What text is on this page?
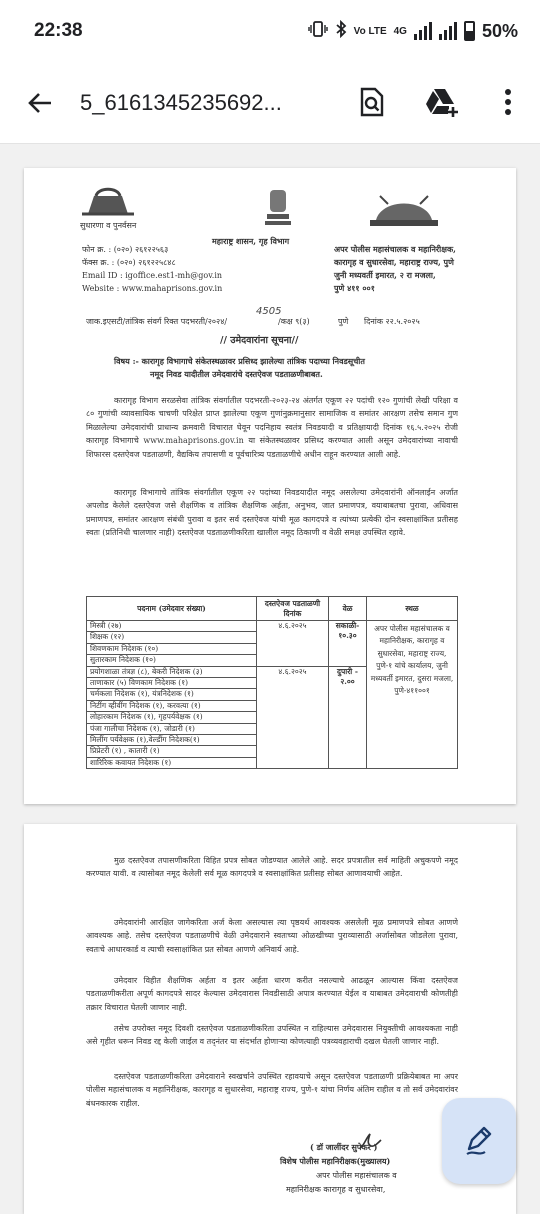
22:38	Vo LTE 4G	50%
5_6161345235692...
सुधारणा व पुनर्वसन
महाराष्ट्र शासन, गृह विभाग
फोन क्र. : (०२०) २६१२२५६३
फॅक्स क्र. : (०२०) २६१२२५८४८
Email ID : igoffice.est1-mh@gov.in
Website : www.mahaprisons.gov.in
अपर पोलीस महासंचालक व महानिरीक्षक,
कारागृह व सुधारसेवा, महाराष्ट्र राज्य, पुणे
जुनी मध्यवर्ती इमारत, २ रा मजला,
पुणे ४११ ००१
जाक.इएसटी/तांत्रिक संवर्ग रिक्त पदभरती/२०२४/
4505
/कक्ष ९(३)	पुणे दिनांक २२.५.२०२५
// उमेदवारांना सूचना//
विषय :- कारागृह विभागाचे संकेतस्थळावर प्रसिध्द झालेल्या तांत्रिक पदाच्या निवडसूचीत
नमूद निवड यादीतील उमेदवारांचे दस्तऐवज पडताळणीबाबत.
कारागृह विभाग सरळसेवा तांत्रिक संवर्गातील पदभरती-२०२३-२४ अंतर्गत एकूण २२ पदांची १२० गुणांची लेखी परिक्षा व ८० गुणांची व्यावसायिक चाचणी परिक्षेत प्राप्त झालेल्या एकूण गुणांनुक्रमानुसार सामाजिक व समांतर आरक्षण तसेच समान गुण मिळालेल्या उमेदवारांची प्राधान्य क्रमवारी विचारात घेवून पदनिहाय स्वतंत्र निवडयादी व प्रतिक्षायादी दिनांक १६.५.२०२५ रोजी कारागृह विभागाचे www.mahaprisons.gov.in या संकेतस्थळावर प्रसिध्द करण्यात आली असून उमेदवारांच्या नावाची शिफारस दस्तऐवज पडताळणी, वैद्यकिय तपासणी व पूर्वचारित्र्य पडताळणीचे अधीन राहून करण्यात आली आहे.
कारागृह विभागाचे तांत्रिक संवर्गातील एकूण २२ पदांच्या निवडयादीत नमूद असलेल्या उमेदवारांनी ऑनलाईन अर्जात अपलोड केलेले दस्तऐवज जसे शैक्षणिक व तांत्रिक शैक्षणिक अर्हता, अनुभव, जात प्रमाणपत्र, वयाबाबतचा पुरावा, अधिवास प्रमाणपत्र, समांतर आरक्षण संबंधी पुरावा व इतर सर्व दस्तऐवज यांची मूळ कागदपत्रे व त्यांच्या प्रत्येकी दोन स्वसाक्षांकित प्रतीसह स्वतः (प्रतिनिधी चालणार नाही) दस्तऐवज पडताळणीकरिता खालील नमूद ठिकाणी व वेळी समक्ष उपस्थित रहावे.
पदनाम (उमेदवार संख्या)	दस्तऐवज पडताळणी दिनांक	वेळ	स्थळ
मिस्त्री (२७)	४.६.२०२५	सकाळी- १०.३०	अपर पोलीस महासंचालक व महानिरीक्षक, कारागृह व सुधारसेवा, महाराष्ट्र राज्य, पुणे-१ यांचे कार्यालय, जुनी मध्यवर्ती इमारत, दुसरा मजला, पुणे-४११००१
शिक्षक (१२)			
शिवणकाम निदेशक (१०)			
सुतारकाम निदेशक (१०)			
प्रयोगशाळा तंत्रज्ञ (८), बेकरी निदेशक (३)	४.६.२०२५	दुपारी - २.००	
ताणाकार (५) विणकाम निदेशक (१)			
चर्मकला निदेशक (१), यंत्रनिदेशक (१)			
निटींग व्हीवींग निदेशक (१), करवत्या (१)			
लोहारकाम निदेशक (१), गृहपर्यवेक्षक (१)			
पंजा गालीचा निदेशक (१), जोडारी (१)			
मिलींग पर्यवेक्षक (१),वेल्डींग निदेशक(१)			
प्रिप्रेटरी (१) , कातारी (१)			
शारिरिक कवायत निदेशक (१)			
मुळ दस्तऐवज तपासणीकरिता विहित प्रपत्र सोबत जोडण्यात आलेले आहे. सदर प्रपत्रातील सर्व माहिती अचुकपणे नमूद करण्यात यावी. व त्यासोबत नमूद केलेली सर्व मूळ कागदपत्रे व स्वसाक्षांकित प्रतीसह सोबत आणावयाची आहेत.
उमेदवारांनी आरक्षित जागेकरिता अर्ज केला असल्यास त्या पृष्ठयर्थ आवश्यक असलेली मूळ प्रमाणपत्रे सोबत आणणे आवश्यक आहे. तसेच दस्तऐवज पडताळणीचे वेळी उमेदवाराने स्वतःच्या ओळखीच्या पुराव्यासाठी अर्जासोबत जोडलेला पुरावा, स्वतःचे आधारकार्ड व त्याची स्वसाक्षांकित प्रत सोबत आणणे अनिवार्य आहे.
उमेदवार विहीत शैक्षणिक अर्हता व इतर अर्हता धारण करीत नसल्याचे आढळून आल्यास किंवा दस्तऐवज पडताळणीकरीता अपूर्ण कागदपत्रे सादर केल्यास उमेदवारास निवडीसाठी अपात्र करण्यात येईल व याबाबत उमेदवाराची कोणतीही तक्रार विचारात घेतली जाणार नाही.
तसेच उपरोक्त नमूद दिवशी दस्तऐवज पडताळणीकरिता उपस्थित न राहिल्यास उमेदवारास नियुक्तीची आवश्यकता नाही असे गृहीत धरून निवड रद्द केली जाईल व तद्नंतर या संदर्भात होणाऱ्या कोणत्याही पत्रव्यवहाराची दखल घेतली जाणार नाही.
दस्तऐवज पडताळणीकरिता उमेदवाराने स्वखर्चाने उपस्थित रहावयाचे असून दस्तऐवज पडताळणी प्रक्रियेबाबत मा अपर पोलीस महासंचालक व महानिरीक्षक, कारागृह व सुधारसेवा, महाराष्ट्र राज्य, पुणे-१ यांचा निर्णय अंतिम राहील व तो सर्व उमेदवारांवर बंधनकारक राहील.
( डॉ जालींदर सुपेकर )
विशेष पोलीस महानिरीक्षक(मुख्यालय)
अपर पोलीस महासंचालक व
महानिरीक्षक कारागृह व सुधारसेवा,
